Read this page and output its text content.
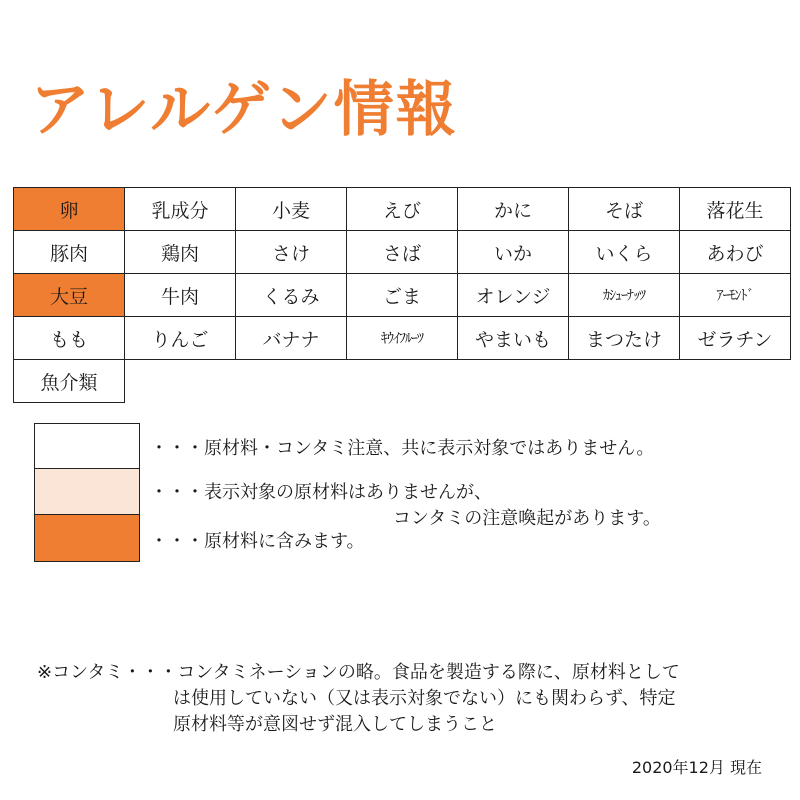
アレルゲン情報
卵	乳成分	小麦	えび	かに	そば	落花生
豚肉	鶏肉	さけ	さば	いか	いくら	あわび
大豆	牛肉	くるみ	ごま	オレンジ	ｶｼｭｰﾅｯﾂ	ｱｰﾓﾝﾄﾞ
もも	りんご	バナナ	ｷｳｲﾌﾙｰﾂ	やまいも	まつたけ	ゼラチン
魚介類
・・・原材料・コンタミ注意、共に表示対象ではありません。
・・・表示対象の原材料はありませんが、
コンタミの注意喚起があります。
・・・原材料に含みます。
※コンタミ・・・コンタミネーションの略。食品を製造する際に、原材料として
は使用していない（又は表示対象でない）にも関わらず、特定
原材料等が意図せず混入してしまうこと
2020年12月 現在
